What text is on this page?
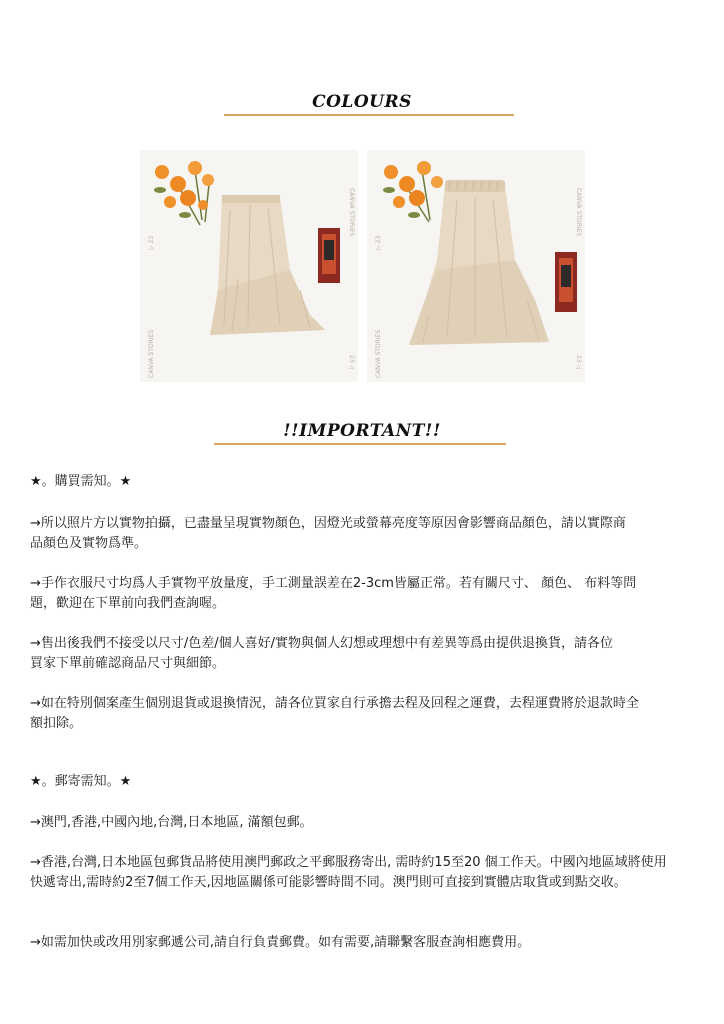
COLOURS
▷ 23
CANVA STORIES
CANVA STORIES
23 ◁
▷ 23
CANVA STORIES
CANVA STORIES
23 ◁
!!IMPORTANT!!
★。購買需知。★
→所以照片方以實物拍攝，已盡量呈現實物顏色，因燈光或螢幕亮度等原因會影響商品顏色，請以實際商品顏色及實物爲準。
→手作衣服尺寸均爲人手實物平放量度，手工測量誤差在2-3cm皆屬正常。若有關尺寸、 顏色、 布料等問題，歡迎在下單前向我們查詢喔。
→售出後我們不接受以尺寸/色差/個人喜好/實物與個人幻想或理想中有差異等爲由提供退換貨，請各位買家下單前確認商品尺寸與細節。
→如在特別個案產生個別退貨或退換情況，請各位買家自行承擔去程及回程之運費，去程運費將於退款時全額扣除。
★。郵寄需知。★
→澳門,香港,中國內地,台灣,日本地區, 滿額包郵。
→香港,台灣,日本地區包郵貨品將使用澳門郵政之平郵服務寄出, 需時約15至20 個工作天。中國內地區域將使用快遞寄出,需時約2至7個工作天,因地區關係可能影響時間不同。澳門則可直接到實體店取貨或到點交收。
→如需加快或改用別家郵遞公司,請自行負責郵費。如有需要,請聯繫客服查詢相應費用。
